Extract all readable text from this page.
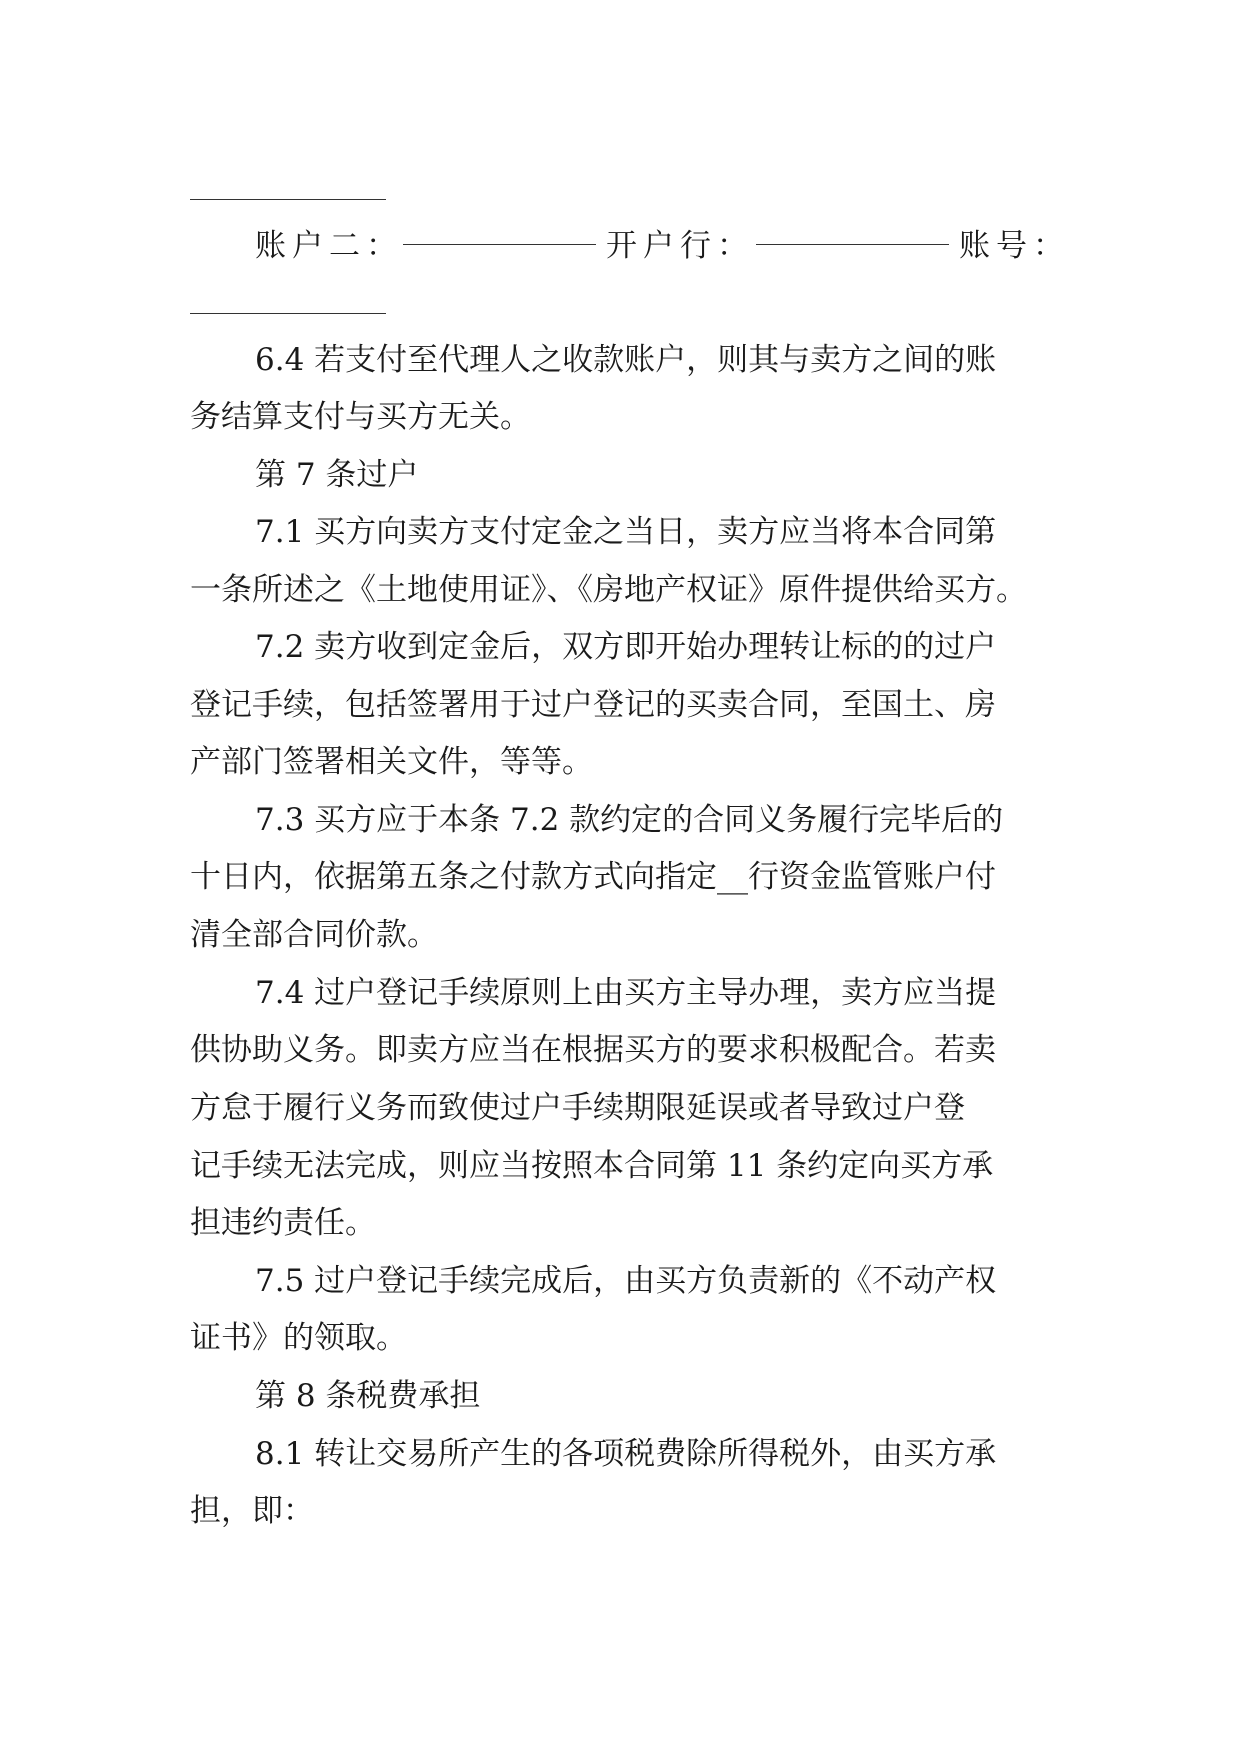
账户二：	开户行：	账号：
6.4 若支付至代理人之收款账户，则其与卖方之间的账
务结算支付与买方无关。
第 7 条过户
7.1 买方向卖方支付定金之当日，卖方应当将本合同第
一条所述之《土地使用证》、《房地产权证》原件提供给买方。
7.2 卖方收到定金后，双方即开始办理转让标的的过户
登记手续，包括签署用于过户登记的买卖合同，至国土、房
产部门签署相关文件，等等。
7.3 买方应于本条 7.2 款约定的合同义务履行完毕后的
十日内，依据第五条之付款方式向指定__行资金监管账户付
清全部合同价款。
7.4 过户登记手续原则上由买方主导办理，卖方应当提
供协助义务。即卖方应当在根据买方的要求积极配合。若卖
方怠于履行义务而致使过户手续期限延误或者导致过户登
记手续无法完成，则应当按照本合同第 11 条约定向买方承
担违约责任。
7.5 过户登记手续完成后，由买方负责新的《不动产权
证书》的领取。
第 8 条税费承担
8.1 转让交易所产生的各项税费除所得税外，由买方承
担，即：
